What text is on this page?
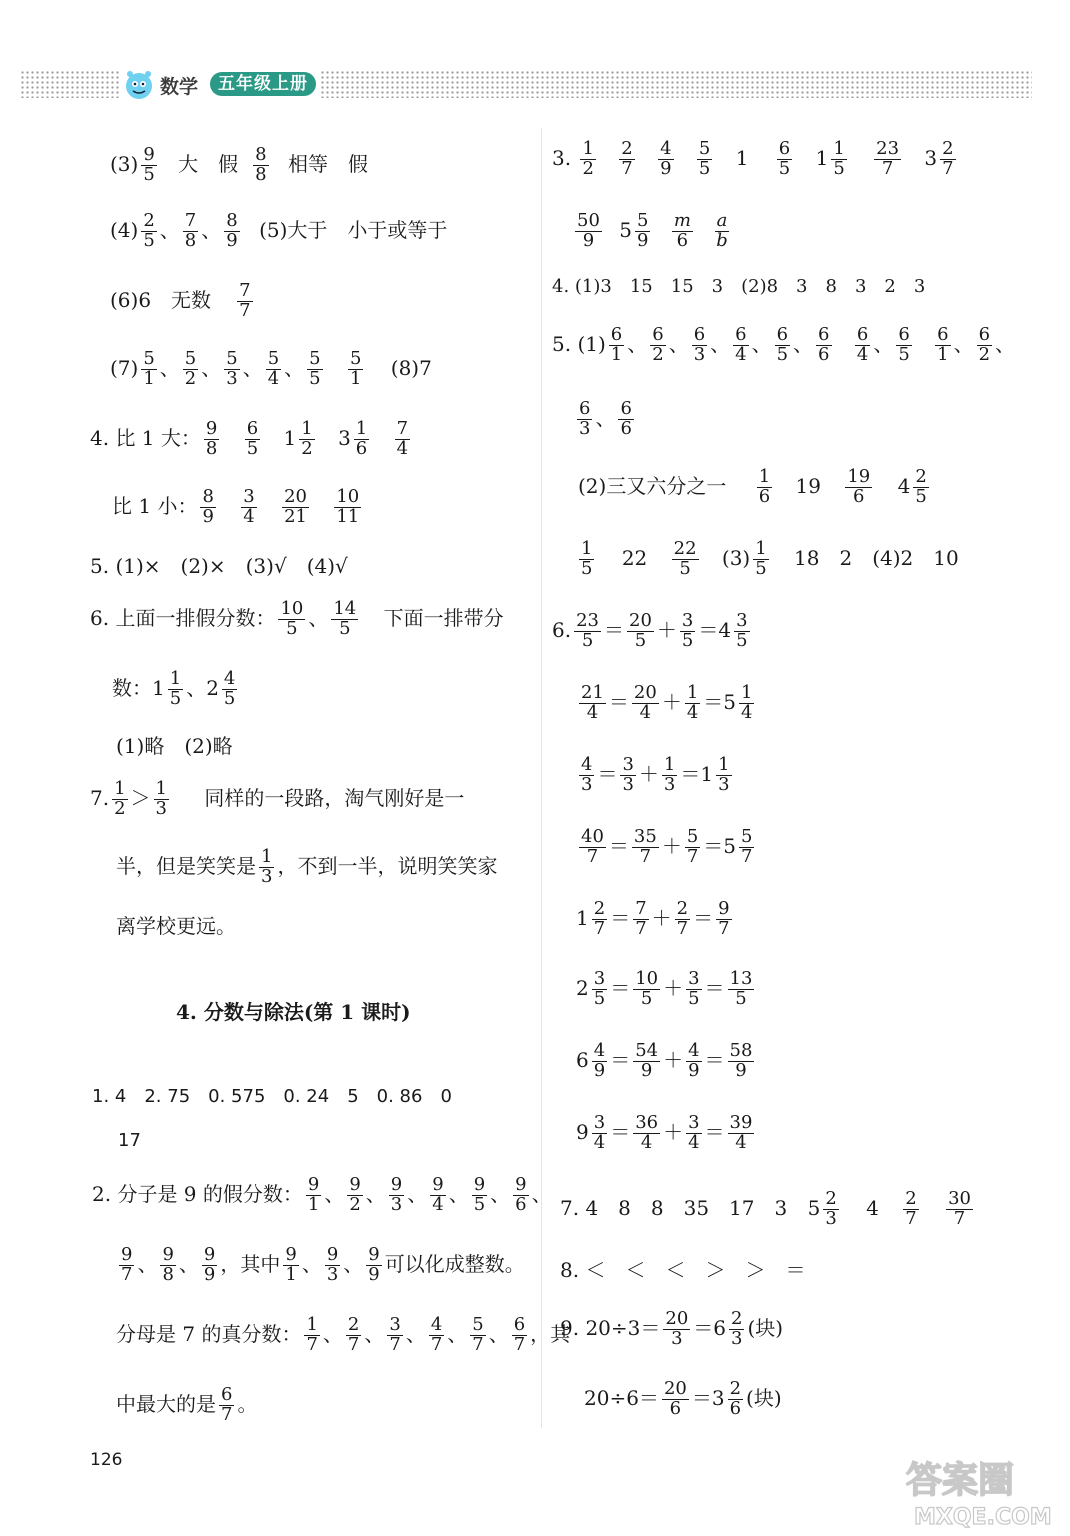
数学	五年级上册
$(3) \frac{9}{5}$ 大　假 $\frac{8}{8}$ 相等　假
$(4) \frac{2}{5}$ 、 $\frac{7}{8}$ 、 $\frac{8}{9} (5)$大于　小于或等于
(6)6　无数 $\frac{7}{7}$
$(7) \frac{5}{1}$ 、 $\frac{5}{2}$ 、 $\frac{5}{3}$ 、 $\frac{5}{4}$ 、 $\frac{5}{5}$
$\frac{5}{1} (8)7$
4. 比 1 大： $\frac{9}{8}$
$\frac{6}{5} 1 \frac{1}{2} 3 \frac{1}{6}$
$\frac{7}{4}$
比 1 小： $\frac{8}{9}$
$\frac{3}{4}$
$\frac{20}{21}$
$\frac{10}{11}$
5. (1)×　(2)×　(3)√　(4)√
6. 上面一排假分数： $\frac{10}{5}$ 、 $\frac{14}{5}$ 下面一排带分
数：$1 \frac{1}{5}$ 、$2 \frac{4}{5}$
(1)略　(2)略
7. $\frac{1}{2} > \frac{1}{3}$ 同样的一段路，淘气刚好是一
半，但是笑笑是 $\frac{1}{3}$ ，不到一半，说明笑笑家
离学校更远。
4. 分数与除法(第 1 课时)
1. 4　2. 75　0. 575　0. 24　5　0. 86　0
17
2. 分子是 9 的假分数： $\frac{9}{1}$ 、 $\frac{9}{2}$ 、 $\frac{9}{3}$ 、 $\frac{9}{4}$ 、 $\frac{9}{5}$ 、 $\frac{9}{6}$ 、
$\frac{9}{7}$ 、 $\frac{9}{8}$ 、 $\frac{9}{9}$ ，其中 $\frac{9}{1}$ 、 $\frac{9}{3}$ 、 $\frac{9}{9}$ 可以化成整数。
分母是 7 的真分数： $\frac{1}{7}$ 、 $\frac{2}{7}$ 、 $\frac{3}{7}$ 、 $\frac{4}{7}$ 、 $\frac{5}{7}$ 、 $\frac{6}{7}$ ，其
中最大的是 $\frac{6}{7}$ 。
3. $\frac{1}{2}$
$\frac{2}{7}$
$\frac{4}{9}$
$\frac{5}{5} 1 \frac{6}{5} 1 \frac{1}{5}$
$\frac{23}{7} 3 \frac{2}{7}$
$\frac{50}{9} 5 \frac{5}{9}$
$\frac{m}{6}$
$\frac{a}{b}$
4. (1)3　15　15　3　(2)8　3　8　3　2　3
5. $(1) \frac{6}{1}$ 、 $\frac{6}{2}$ 、 $\frac{6}{3}$ 、 $\frac{6}{4}$ 、 $\frac{6}{5}$ 、 $\frac{6}{6}$
$\frac{6}{4}$ 、 $\frac{6}{5}$
$\frac{6}{1}$ 、 $\frac{6}{2}$ 、
$\frac{6}{3}$ 、 $\frac{6}{6}$
(2)三又六分之一 $\frac{1}{6} 19 \frac{19}{6} 4 \frac{2}{5}$
$\frac{1}{5} 22 \frac{22}{5} (3) \frac{1}{5} 18$　2　(4)2　10
6. $\frac{23}{5} = \frac{20}{5} + \frac{3}{5} =4 \frac{3}{5}$
$\frac{21}{4} = \frac{20}{4} + \frac{1}{4} =5 \frac{1}{4}$
$\frac{4}{3} = \frac{3}{3} + \frac{1}{3} =1 \frac{1}{3}$
$\frac{40}{7} = \frac{35}{7} + \frac{5}{7} =5 \frac{5}{7}$
$1 \frac{2}{7} = \frac{7}{7} + \frac{2}{7} = \frac{9}{7}$
$2 \frac{3}{5} = \frac{10}{5} + \frac{3}{5} = \frac{13}{5}$
$6 \frac{4}{9} = \frac{54}{9} + \frac{4}{9} = \frac{58}{9}$
$9 \frac{3}{4} = \frac{36}{4} + \frac{3}{4} = \frac{39}{4}$
7. 4　8　8　35　17　3 $5 \frac{2}{3} 4 \frac{2}{7}$
$\frac{30}{7}$
8. ＜　＜　＜　＞　＞　＝
9. $20\div 3= \frac{20}{3} =6 \frac{2}{3}$ (块)
$20\div 6= \frac{20}{6} =3 \frac{2}{6}$ (块)
126	答案圈
MXQE.COM
